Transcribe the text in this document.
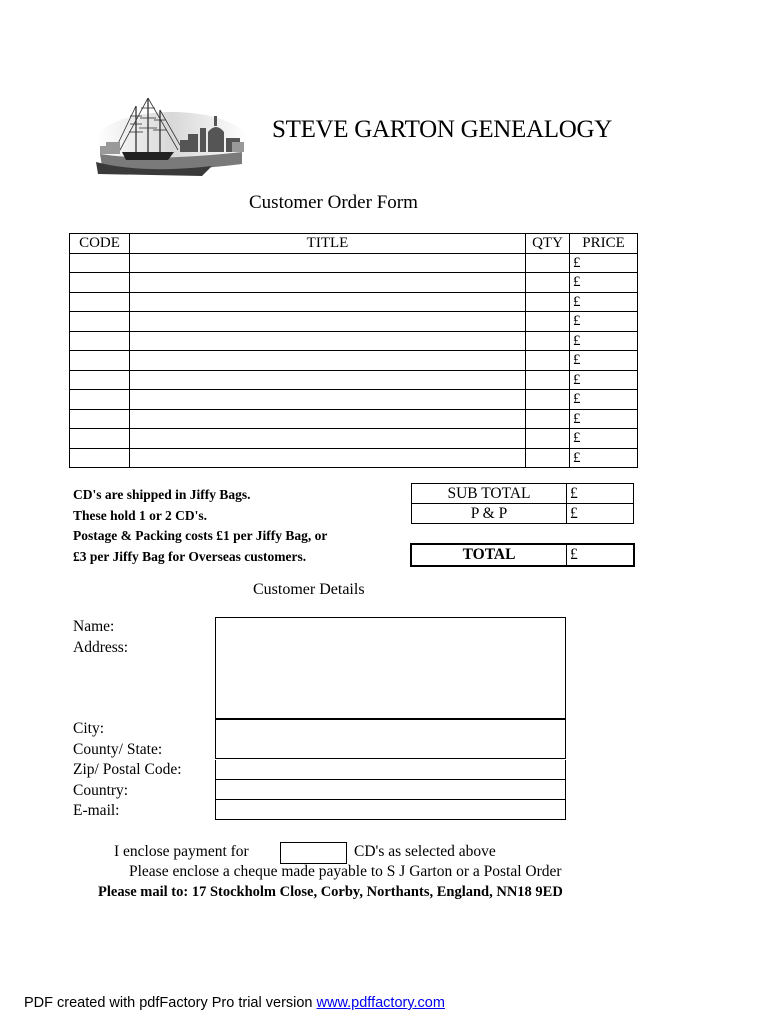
STEVE GARTON GENEALOGY
Customer Order Form
CODE	TITLE	QTY	PRICE
			£
			£
			£
			£
			£
			£
			£
			£
			£
			£
			£
CD's are shipped in Jiffy Bags.
These hold 1 or 2 CD's.
Postage & Packing costs £1 per Jiffy Bag, or
£3 per Jiffy Bag for Overseas customers.
SUB TOTAL	£
P & P	£
TOTAL	£
Customer Details
Name:
Address:
City:
County/ State:
Zip/ Postal Code:
Country:
E-mail:
I enclose payment for	CD's as selected above
Please enclose a cheque made payable to S J Garton or a Postal Order
Please mail to: 17 Stockholm Close, Corby, Northants, England, NN18 9ED
PDF created with pdfFactory Pro trial version www.pdffactory.com
